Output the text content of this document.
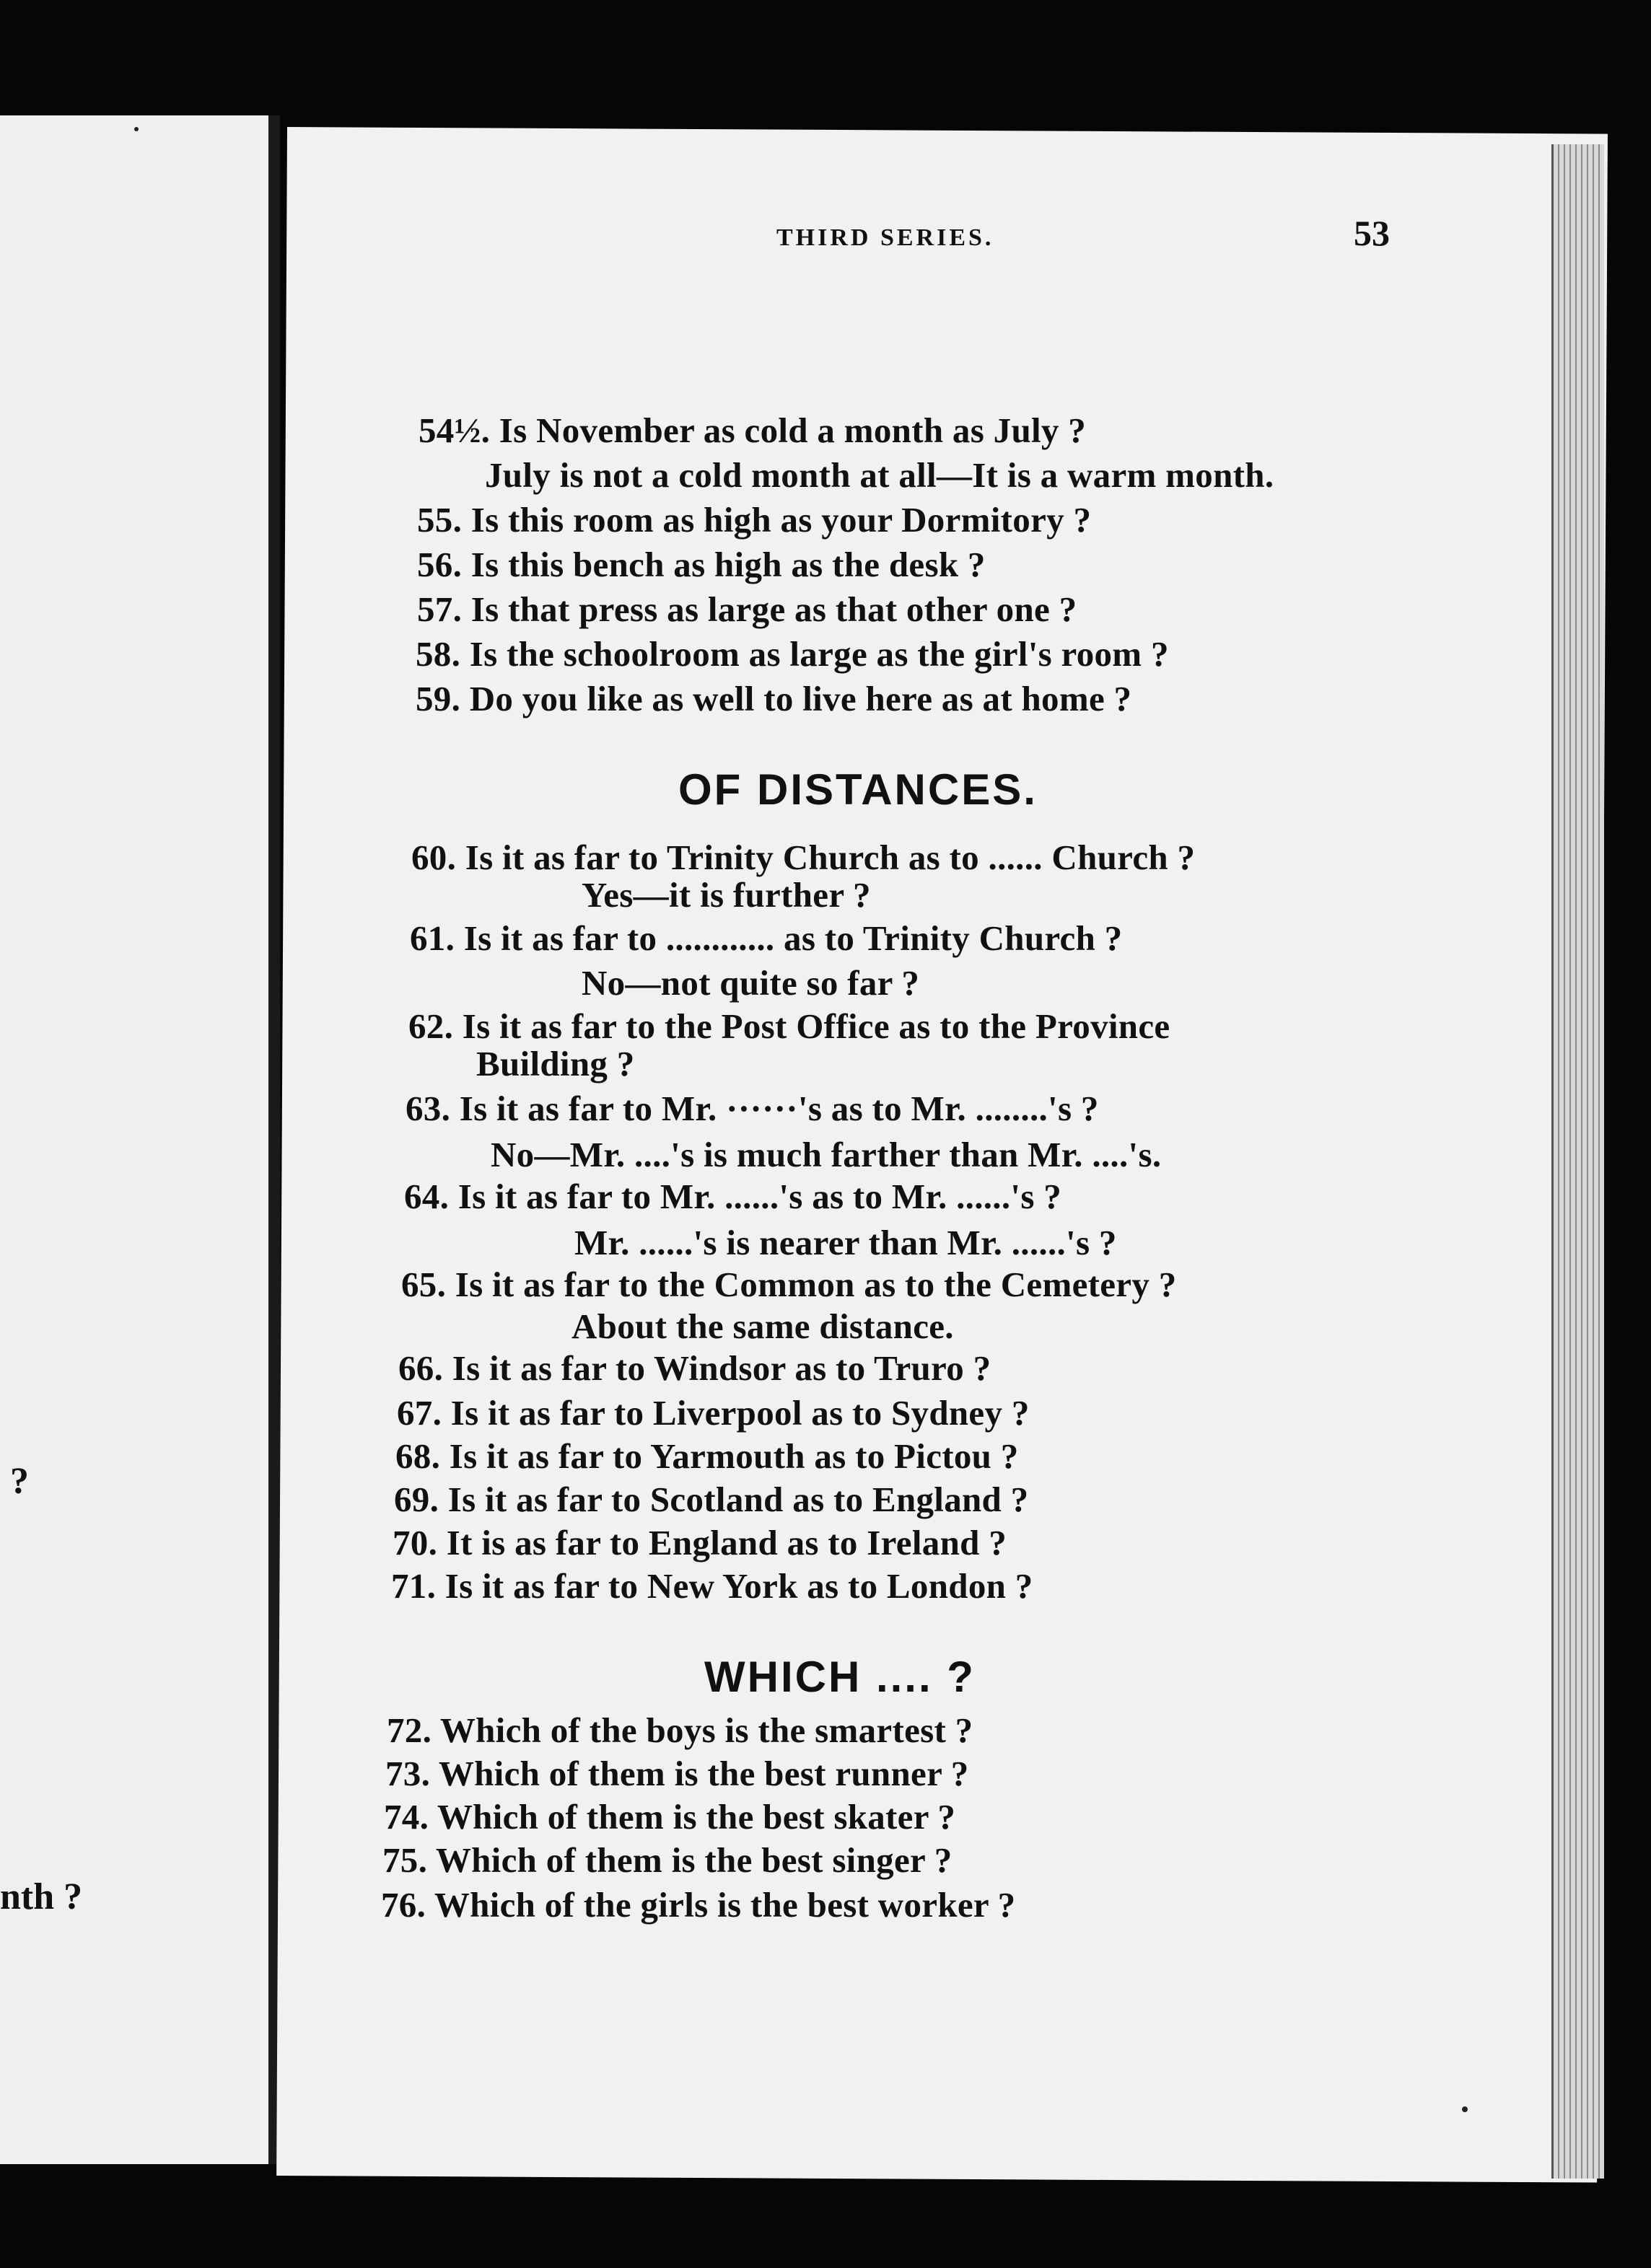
?
nth ?
THIRD SERIES.	53
54½. Is November as cold a month as July ?
July is not a cold month at all—It is a warm month.
55. Is this room as high as your Dormitory ?
56. Is this bench as high as the desk ?
57. Is that press as large as that other one ?
58. Is the schoolroom as large as the girl's room ?
59. Do you like as well to live here as at home ?
OF DISTANCES.
60. Is it as far to Trinity Church as to ...... Church ?
Yes—it is further ?
61. Is it as far to ............ as to Trinity Church ?
No—not quite so far ?
62. Is it as far to the Post Office as to the Province
Building ?
63. Is it as far to Mr. ······'s as to Mr. ........'s ?
No—Mr. ....'s is much farther than Mr. ....'s.
64. Is it as far to Mr. ......'s as to Mr. ......'s ?
Mr. ......'s is nearer than Mr. ......'s ?
65. Is it as far to the Common as to the Cemetery ?
About the same distance.
66. Is it as far to Windsor as to Truro ?
67. Is it as far to Liverpool as to Sydney ?
68. Is it as far to Yarmouth as to Pictou ?
69. Is it as far to Scotland as to England ?
70. It is as far to England as to Ireland ?
71. Is it as far to New York as to London ?
WHICH .... ?
72. Which of the boys is the smartest ?
73. Which of them is the best runner ?
74. Which of them is the best skater ?
75. Which of them is the best singer ?
76. Which of the girls is the best worker ?
